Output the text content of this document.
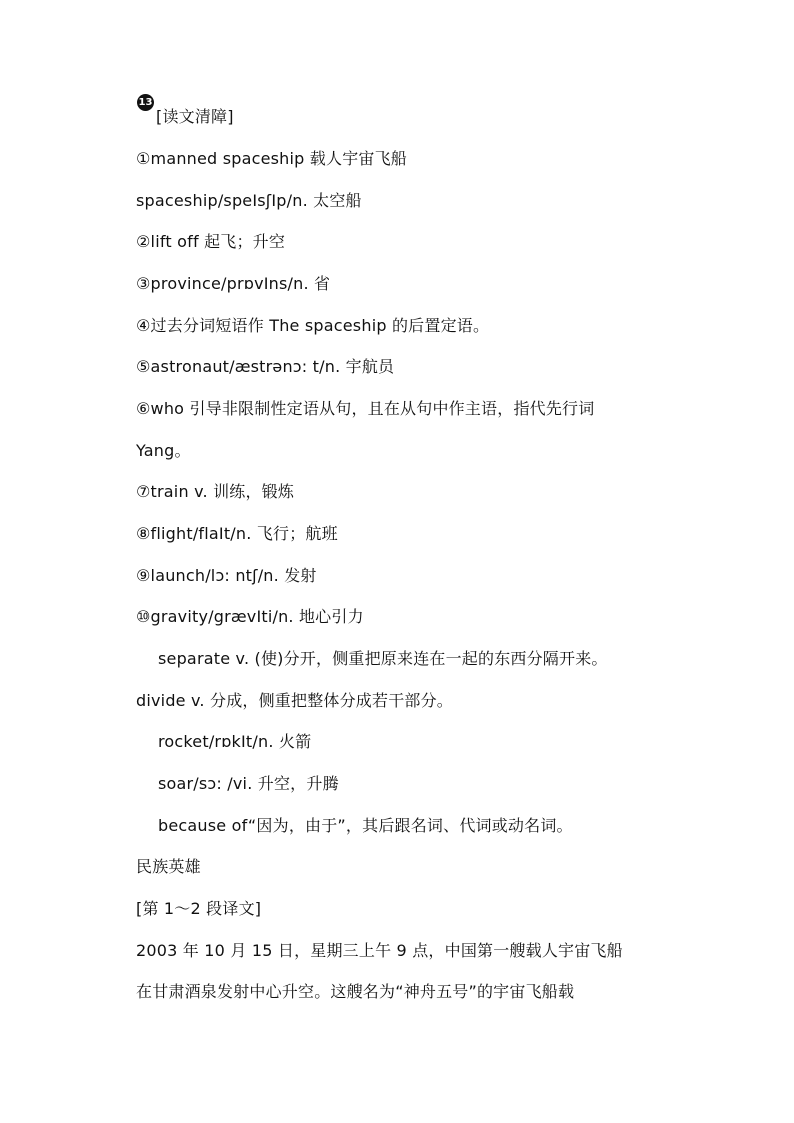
13
[读文清障]
①manned spaceship 载人宇宙飞船
spaceship/speIsʃIp/n. 太空船
②lift off 起飞；升空
③province/prɒvIns/n. 省
④过去分词短语作 The spaceship 的后置定语。
⑤astronaut/æstrənɔ: t/n. 宇航员
⑥who 引导非限制性定语从句，且在从句中作主语，指代先行词
Yang。
⑦train v. 训练，锻炼
⑧flight/flaIt/n. 飞行；航班
⑨launch/lɔ: ntʃ/n. 发射
⑩gravity/grævIti/n. 地心引力
separate v. (使)分开，侧重把原来连在一起的东西分隔开来。
divide v. 分成，侧重把整体分成若干部分。
rocket/rɒkIt/n. 火箭
soar/sɔ: /vi. 升空，升腾
because of“因为，由于”，其后跟名词、代词或动名词。
民族英雄
[第 1～2 段译文]
2003 年 10 月 15 日，星期三上午 9 点，中国第一艘载人宇宙飞船
在甘肃酒泉发射中心升空。这艘名为“神舟五号”的宇宙飞船载
